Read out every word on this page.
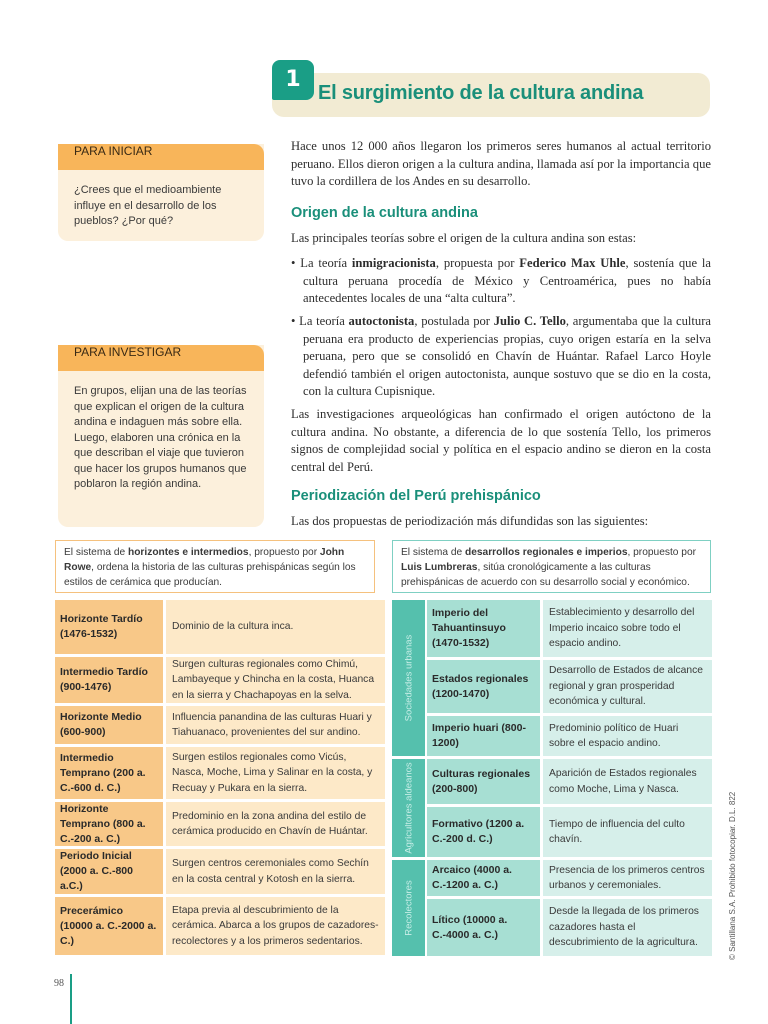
1
El surgimiento de la cultura andina
PARA INICIAR
¿Crees que el medioambiente influye en el desarrollo de los pueblos? ¿Por qué?
PARA INVESTIGAR
En grupos, elijan una de las teorías que explican el origen de la cultura andina e indaguen más sobre ella. Luego, elaboren una crónica en la que describan el viaje que tuvieron que hacer los grupos humanos que poblaron la región andina.
Hace unos 12 000 años llegaron los primeros seres humanos al actual territorio peruano. Ellos dieron origen a la cultura andina, llamada así por la importancia que tuvo la cordillera de los Andes en su desarrollo.
Origen de la cultura andina
Las principales teorías sobre el origen de la cultura andina son estas:
• La teoría inmigracionista, propuesta por Federico Max Uhle, sostenía que la cultura peruana procedía de México y Centroamérica, pues no había antecedentes locales de una “alta cultura”.
• La teoría autoctonista, postulada por Julio C. Tello, argumentaba que la cultura peruana era producto de experiencias propias, cuyo origen estaría en la selva peruana, pero que se consolidó en Chavín de Huántar. Rafael Larco Hoyle defendió también el origen autoctonista, aunque sostuvo que se dio en la costa, con la cultura Cupisnique.
Las investigaciones arqueológicas han confirmado el origen autóctono de la cultura andina. No obstante, a diferencia de lo que sostenía Tello, los primeros signos de complejidad social y política en el espacio andino se dieron en la costa central del Perú.
Periodización del Perú prehispánico
Las dos propuestas de periodización más difundidas son las siguientes:
El sistema de horizontes e intermedios, propuesto por John Rowe, ordena la historia de las culturas prehispánicas según los estilos de cerámica que producían.
El sistema de desarrollos regionales e imperios, propuesto por Luis Lumbreras, sitúa cronológicamente a las culturas prehispánicas de acuerdo con su desarrollo social y económico.
Horizonte Tardío (1476-1532)
Dominio de la cultura inca.
Intermedio Tardío (900-1476)
Surgen culturas regionales como Chimú, Lambayeque y Chincha en la costa, Huanca en la sierra y Chachapoyas en la selva.
Horizonte Medio (600-900)
Influencia panandina de las culturas Huari y Tiahuanaco, provenientes del sur andino.
Intermedio Temprano (200 a. C.-600 d. C.)
Surgen estilos regionales como Vicús, Nasca, Moche, Lima y Salinar en la costa, y Recuay y Pukara en la sierra.
Horizonte Temprano (800 a. C.-200 a. C.)
Predominio en la zona andina del estilo de cerámica producido en Chavín de Huántar.
Periodo Inicial (2000 a. C.-800 a.C.)
Surgen centros ceremoniales como Sechín en la costa central y Kotosh en la sierra.
Precerámico (10000 a. C.-2000 a. C.)
Etapa previa al descubrimiento de la cerámica. Abarca a los grupos de cazadores-recolectores y a los primeros sedentarios.
Sociedades urbanas
Agricultores aldeanos
Recolectores
Imperio del Tahuantinsuyo (1470-1532)
Establecimiento y desarrollo del Imperio incaico sobre todo el espacio andino.
Estados regionales (1200-1470)
Desarrollo de Estados de alcance regional y gran prosperidad económica y cultural.
Imperio huari (800-1200)
Predominio político de Huari sobre el espacio andino.
Culturas regionales (200-800)
Aparición de Estados regionales como Moche, Lima y Nasca.
Formativo (1200 a. C.-200 d. C.)
Tiempo de influencia del culto chavín.
Arcaico (4000 a. C.-1200 a. C.)
Presencia de los primeros centros urbanos y ceremoniales.
Lítico (10000 a. C.-4000 a. C.)
Desde la llegada de los primeros cazadores hasta el descubrimiento de la agricultura.
98
© Santillana S.A. Prohibido fotocopiar. D.L. 822
